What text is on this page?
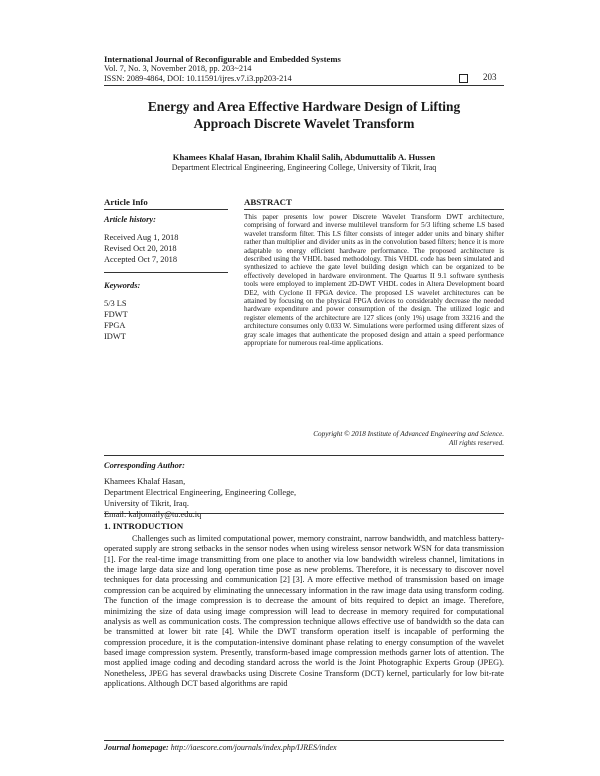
International Journal of Reconfigurable and Embedded Systems
Vol. 7, No. 3, November 2018, pp. 203~214
ISSN: 2089-4864, DOI: 10.11591/ijres.v7.i3.pp203-214	203
Energy and Area Effective Hardware Design of Lifting
Approach Discrete Wavelet Transform
Khamees Khalaf Hasan, Ibrahim Khalil Salih, Abdumuttalib A. Hussen
Department Electrical Engineering, Engineering College, University of Tikrit, Iraq
Article Info
Article history:
Received Aug 1, 2018
Revised Oct 20, 2018
Accepted Oct 7, 2018
Keywords:
5/3 LS
FDWT
FPGA
IDWT
ABSTRACT
This paper presents low power Discrete Wavelet Transform DWT architecture, comprising of forward and inverse multilevel transform for 5/3 lifting scheme LS based wavelet transform filter. This LS filter consists of integer adder units and binary shifter rather than multiplier and divider units as in the convolution based filters; hence it is more adaptable to energy efficient hardware performance. The proposed architecture is described using the VHDL based methodology. This VHDL code has been simulated and synthesized to achieve the gate level building design which can be organized to be effectively developed in hardware environment. The Quartus II 9.1 software synthesis tools were employed to implement 2D-DWT VHDL codes in Altera Development board DE2, with Cyclone II FPGA device. The proposed LS wavelet architectures can be attained by focusing on the physical FPGA devices to considerably decrease the needed hardware expenditure and power consumption of the design. The utilized logic and register elements of the architecture are 127 slices (only 1%) usage from 33216 and the architecture consumes only 0.033 W. Simulations were performed using different sizes of gray scale images that authenticate the proposed design and attain a speed performance appropriate for numerous real-time applications.
Copyright © 2018 Institute of Advanced Engineering and Science.
All rights reserved.
Corresponding Author:
Khamees Khalaf Hasan,
Department Electrical Engineering, Engineering College,
University of Tikrit, Iraq.
Email: kaljomaily@tu.edu.iq
1. INTRODUCTION

Challenges such as limited computational power, memory constraint, narrow bandwidth, and matchless battery-operated supply are strong setbacks in the sensor nodes when using wireless sensor network WSN for data transmission [1]. For the real-time image transmitting from one place to another via low bandwidth wireless channel, limitations in the image large data size and long operation time pose as new problems. Therefore, it is necessary to discover novel techniques for data processing and communication [2] [3]. A more effective method of transmission based on image compression can be acquired by eliminating the unnecessary information in the raw image data using transform coding. The function of the image compression is to decrease the amount of bits required to depict an image. Therefore, minimizing the size of data using image compression will lead to decrease in memory required for computational analysis as well as communication costs. The compression technique allows effective use of bandwidth so the data can be transmitted at lower bit rate [4]. While the DWT transform operation itself is incapable of performing the compression procedure, it is the computation-intensive dominant phase relating to energy consumption of the wavelet based image compression system. Presently, transform-based image compression methods garner lots of attention. The most applied image coding and decoding standard across the world is the Joint Photographic Experts Group (JPEG). Nonetheless, JPEG has several drawbacks using Discrete Cosine Transform (DCT) kernel, particularly for low bit-rate applications. Although DCT based algorithms are rapid

Journal homepage: http://iaescore.com/journals/index.php/IJRES/index
